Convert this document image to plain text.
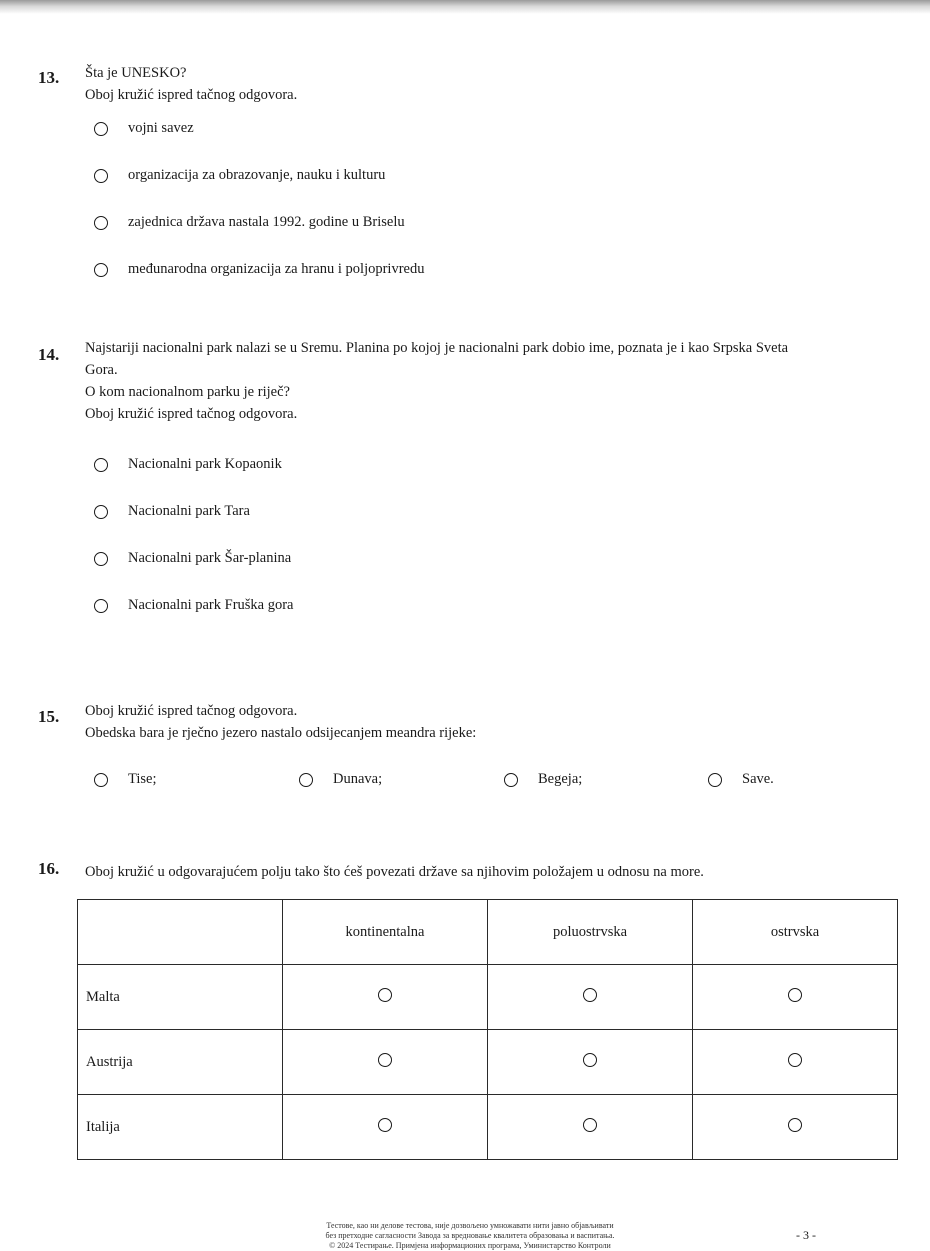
13. Šta je UNESKO?
Oboj kružić ispred tačnog odgovora.
vojni savez
organizacija za obrazovanje, nauku i kulturu
zajednica država nastala 1992. godine u Briselu
međunarodna organizacija za hranu i poljoprivredu
14. Najstariji nacionalni park nalazi se u Sremu. Planina po kojoj je nacionalni park dobio ime, poznata je i kao Srpska Sveta
Gora.
O kom nacionalnom parku je riječ?
Oboj kružić ispred tačnog odgovora.
Nacionalni park Kopaonik
Nacionalni park Tara
Nacionalni park Šar-planina
Nacionalni park Fruška gora
15. Oboj kružić ispred tačnog odgovora.
Obedska bara je rječno jezero nastalo odsijecanjem meandra rijeke:
Tise;	Dunava;	Begeja;	Save.
16. Oboj kružić u odgovarajućem polju tako što ćeš povezati države sa njihovim položajem u odnosu na more.
	kontinentalna	poluostrvska	ostrvska
Malta			
Austrija			
Italija			
Тестове, као ни делове тестова, није дозвољено умножавати нити јавно објављивати
без претходне сагласности Завода за вредновање квалитета образовања и васпитања.
© 2024 Тестирање. Примјена информационих програма, Уминистарство Контроли
- 3 -
